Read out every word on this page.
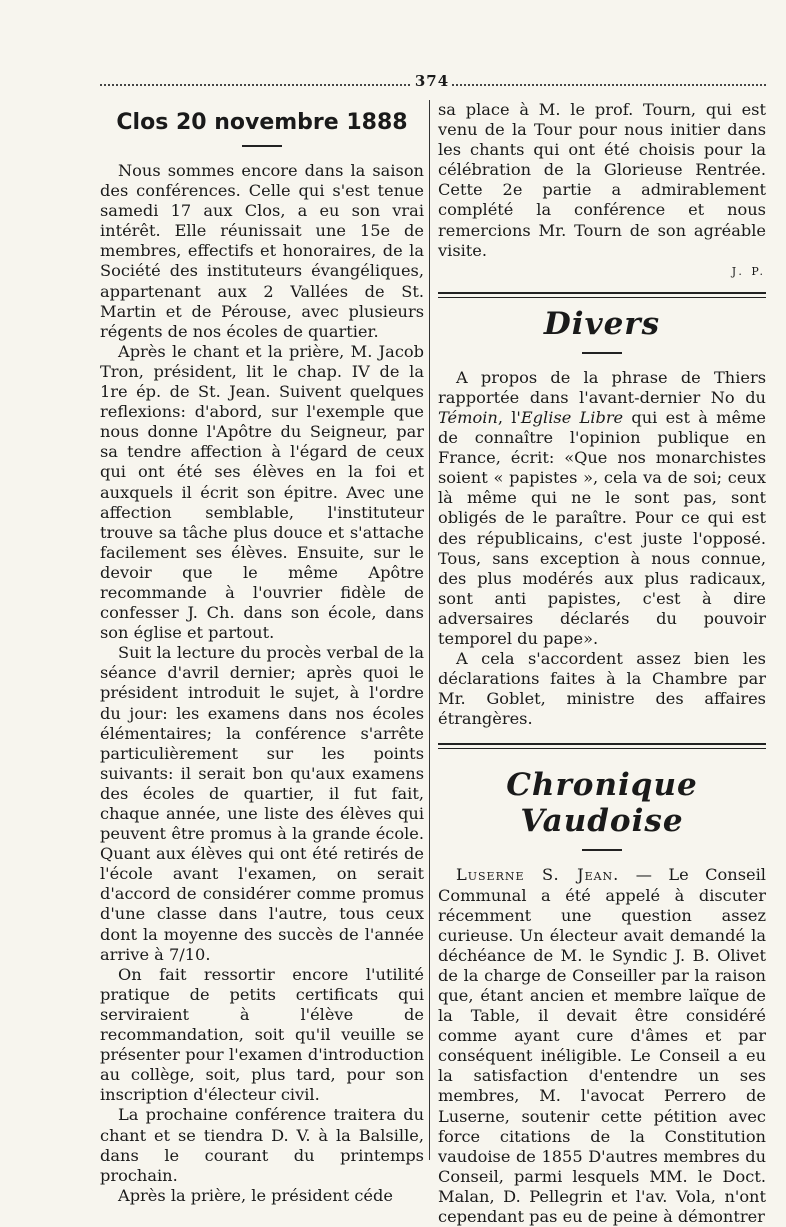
374
Clos 20 novembre 1888

Nous sommes encore dans la saison des conférences. Celle qui s'est tenue samedi 17 aux Clos, a eu son vrai intérêt. Elle réunissait une 15e de membres, effectifs et honoraires, de la Société des instituteurs évangéliques, appartenant aux 2 Vallées de St. Martin et de Pérouse, avec plusieurs régents de nos écoles de quartier.

Après le chant et la prière, M. Jacob Tron, président, lit le chap. IV de la 1re ép. de St. Jean. Suivent quelques reflexions: d'abord, sur l'exemple que nous donne l'Apôtre du Seigneur, par sa tendre affection à l'égard de ceux qui ont été ses élèves en la foi et auxquels il écrit son épitre. Avec une affection semblable, l'instituteur trouve sa tâche plus douce et s'attache facilement ses élèves. Ensuite, sur le devoir que le même Apôtre recommande à l'ouvrier fidèle de confesser J. Ch. dans son école, dans son église et partout.

Suit la lecture du procès verbal de la séance d'avril dernier; après quoi le président introduit le sujet, à l'ordre du jour: les examens dans nos écoles élémentaires; la conférence s'arrête particulièrement sur les points suivants: il serait bon qu'aux examens des écoles de quartier, il fut fait, chaque année, une liste des élèves qui peuvent être promus à la grande école. Quant aux élèves qui ont été retirés de l'école avant l'examen, on serait d'accord de considérer comme promus d'une classe dans l'autre, tous ceux dont la moyenne des succès de l'année arrive à 7/10.

On fait ressortir encore l'utilité pratique de petits certificats qui serviraient à l'élève de recommandation, soit qu'il veuille se présenter pour l'examen d'introduction au collège, soit, plus tard, pour son inscription d'électeur civil.

La prochaine conférence traitera du chant et se tiendra D. V. à la Balsille, dans le courant du printemps prochain.

Après la prière, le président céde

sa place à M. le prof. Tourn, qui est venu de la Tour pour nous initier dans les chants qui ont été choisis pour la célébration de la Glorieuse Rentrée. Cette 2e partie a admirablement complété la conférence et nous remercions Mr. Tourn de son agréable visite.

J. P.
Divers

A propos de la phrase de Thiers rapportée dans l'avant-dernier No du Témoin, l'Eglise Libre qui est à même de connaître l'opinion publique en France, écrit: «Que nos monarchistes soient « papistes », cela va de soi; ceux là même qui ne le sont pas, sont obligés de le paraître. Pour ce qui est des républicains, c'est juste l'opposé. Tous, sans exception à nous connue, des plus modérés aux plus radicaux, sont anti papistes, c'est à dire adversaires déclarés du pouvoir temporel du pape».

A cela s'accordent assez bien les déclarations faites à la Chambre par Mr. Goblet, ministre des affaires étrangères.

Chronique Vaudoise

Luserne S. Jean. — Le Conseil Communal a été appelé à discuter récemment une question assez curieuse. Un électeur avait demandé la déchéance de M. le Syndic J. B. Olivet de la charge de Conseiller par la raison que, étant ancien et membre laïque de la Table, il devait être considéré comme ayant cure d'âmes et par conséquent inéligible. Le Conseil a eu la satisfaction d'entendre un ses membres, M. l'avocat Perrero de Luserne, soutenir cette pétition avec force citations de la Constitution vaudoise de 1855 D'autres membres du Conseil, parmi lesquels MM. le Doct. Malan, D. Pellegrin et l'av. Vola, n'ont cependant pas eu de peine à démontrer
